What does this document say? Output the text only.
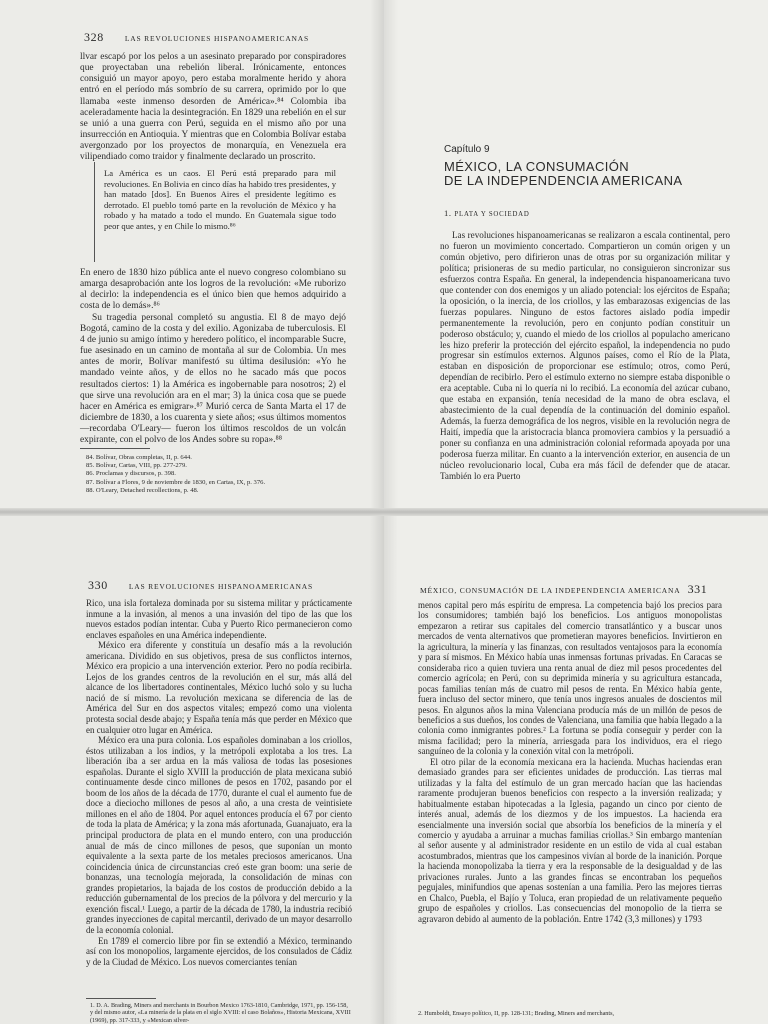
328	LAS REVOLUCIONES HISPANOAMERICANAS

llvar escapó por los pelos a un asesinato preparado por conspiradores que proyectaban una rebelión liberal. Irónicamente, entonces consiguió un mayor apoyo, pero estaba moralmente herido y ahora entró en el período más sombrío de su carrera, oprimido por lo que llamaba «este inmenso desorden de América».⁸⁴ Colombia iba aceleradamente hacia la desintegración. En 1829 una rebelión en el sur se unió a una guerra con Perú, seguida en el mismo año por una insurrección en Antioquia. Y mientras que en Colombia Bolívar estaba avergonzado por los proyectos de monarquía, en Venezuela era vilipendiado como traidor y finalmente declarado un proscrito.

La América es un caos. El Perú está preparado para mil revoluciones. En Bolivia en cinco días ha habido tres presidentes, y han matado [dos]. En Buenos Aires el presidente legítimo es derrotado. El pueblo tomó parte en la revolución de México y ha robado y ha matado a todo el mundo. En Guatemala sigue todo peor que antes, y en Chile lo mismo.⁸⁶

En enero de 1830 hizo pública ante el nuevo congreso colombiano su amarga desaprobación ante los logros de la revolución: «Me ruborizo al decirlo: la independencia es el único bien que hemos adquirido a costa de lo demás».⁸⁶

Su tragedia personal completó su angustia. El 8 de mayo dejó Bogotá, camino de la costa y del exilio. Agonizaba de tuberculosis. El 4 de junio su amigo íntimo y heredero político, el incomparable Sucre, fue asesinado en un camino de montaña al sur de Colombia. Un mes antes de morir, Bolívar manifestó su última desilusión: «Yo he mandado veinte años, y de ellos no he sacado más que pocos resultados ciertos: 1) la América es ingobernable para nosotros; 2) el que sirve una revolución ara en el mar; 3) la única cosa que se puede hacer en América es emigrar».⁸⁷ Murió cerca de Santa Marta el 17 de diciembre de 1830, a los cuarenta y siete años; «sus últimos momentos —recordaba O'Leary— fueron los últimos rescoldos de un volcán expirante, con el polvo de los Andes sobre su ropa».⁸⁸

84. Bolívar, Obras completas, II, p. 644.
85. Bolívar, Cartas, VIII, pp. 277-279.
86. Proclamas y discursos, p. 398.
87. Bolívar a Flores, 9 de noviembre de 1830, en Cartas, IX, p. 376.
88. O'Leary, Detached recollections, p. 48.
Capítulo 9
MÉXICO, LA CONSUMACIÓN
DE LA INDEPENDENCIA AMERICANA
1. PLATA Y SOCIEDAD

Las revoluciones hispanoamericanas se realizaron a escala continental, pero no fueron un movimiento concertado. Compartieron un común origen y un común objetivo, pero difirieron unas de otras por su organización militar y política; prisioneras de su medio particular, no consiguieron sincronizar sus esfuerzos contra España. En general, la independencia hispanoamericana tuvo que contender con dos enemigos y un aliado potencial: los ejércitos de España; la oposición, o la inercia, de los criollos, y las embarazosas exigencias de las fuerzas populares. Ninguno de estos factores aislado podía impedir permanentemente la revolución, pero en conjunto podían constituir un poderoso obstáculo; y, cuando el miedo de los criollos al populacho americano les hizo preferir la protección del ejército español, la independencia no pudo progresar sin estímulos externos. Algunos países, como el Río de la Plata, estaban en disposición de proporcionar ese estímulo; otros, como Perú, dependían de recibirlo. Pero el estímulo externo no siempre estaba disponible o era aceptable. Cuba ni lo quería ni lo recibió. La economía del azúcar cubano, que estaba en expansión, tenía necesidad de la mano de obra esclava, el abastecimiento de la cual dependía de la continuación del dominio español. Además, la fuerza demográfica de los negros, visible en la revolución negra de Haití, impedía que la aristocracia blanca promoviera cambios y la persuadió a poner su confianza en una administración colonial reformada apoyada por una poderosa fuerza militar. En cuanto a la intervención exterior, en ausencia de un núcleo revolucionario local, Cuba era más fácil de defender que de atacar. También lo era Puerto

330	LAS REVOLUCIONES HISPANOAMERICANAS

Rico, una isla fortaleza dominada por su sistema militar y prácticamente inmune a la invasión, al menos a una invasión del tipo de las que los nuevos estados podían intentar. Cuba y Puerto Rico permanecieron como enclaves españoles en una América independiente.

México era diferente y constituía un desafío más a la revolución americana. Dividido en sus objetivos, presa de sus conflictos internos, México era propicio a una intervención exterior. Pero no podía recibirla. Lejos de los grandes centros de la revolución en el sur, más allá del alcance de los libertadores continentales, México luchó solo y su lucha nació de sí mismo. La revolución mexicana se diferencia de las de América del Sur en dos aspectos vitales; empezó como una violenta protesta social desde abajo; y España tenía más que perder en México que en cualquier otro lugar en América.

México era una pura colonia. Los españoles dominaban a los criollos, éstos utilizaban a los indios, y la metrópoli explotaba a los tres. La liberación iba a ser ardua en la más valiosa de todas las posesiones españolas. Durante el siglo XVIII la producción de plata mexicana subió continuamente desde cinco millones de pesos en 1702, pasando por el boom de los años de la década de 1770, durante el cual el aumento fue de doce a dieciocho millones de pesos al año, a una cresta de veintisiete millones en el año de 1804. Por aquel entonces producía el 67 por ciento de toda la plata de América; y la zona más afortunada, Guanajuato, era la principal productora de plata en el mundo entero, con una producción anual de más de cinco millones de pesos, que suponían un monto equivalente a la sexta parte de los metales preciosos americanos. Una coincidencia única de circunstancias creó este gran boom: una serie de bonanzas, una tecnología mejorada, la consolidación de minas con grandes propietarios, la bajada de los costos de producción debido a la reducción gubernamental de los precios de la pólvora y del mercurio y la exención fiscal.¹ Luego, a partir de la década de 1780, la industria recibió grandes inyecciones de capital mercantil, derivado de un mayor desarrollo de la economía colonial.

En 1789 el comercio libre por fin se extendió a México, terminando así con los monopolios, largamente ejercidos, de los consulados de Cádiz y de la Ciudad de México. Los nuevos comerciantes tenían

1. D. A. Brading, Miners and merchants in Bourbon Mexico 1763-1810, Cambridge, 1971, pp. 156-158, y del mismo autor, «La minería de la plata en el siglo XVIII: el caso Bolaños», Historia Mexicana, XVIII (1969), pp. 317-333, y «Mexican silver-
MÉXICO, CONSUMACIÓN DE LA INDEPENDENCIA AMERICANA 331

menos capital pero más espíritu de empresa. La competencia bajó los precios para los consumidores; también bajó los beneficios. Los antiguos monopolistas empezaron a retirar sus capitales del comercio transatlántico y a buscar unos mercados de venta alternativos que prometieran mayores beneficios. Invirtieron en la agricultura, la minería y las finanzas, con resultados ventajosos para la economía y para sí mismos. En México había unas inmensas fortunas privadas. En Caracas se consideraba rico a quien tuviera una renta anual de diez mil pesos procedentes del comercio agrícola; en Perú, con su deprimida minería y su agricultura estancada, pocas familias tenían más de cuatro mil pesos de renta. En México había gente, fuera incluso del sector minero, que tenía unos ingresos anuales de doscientos mil pesos. En algunos años la mina Valenciana producía más de un millón de pesos de beneficios a sus dueños, los condes de Valenciana, una familia que había llegado a la colonia como inmigrantes pobres.² La fortuna se podía conseguir y perder con la misma facilidad; pero la minería, arriesgada para los individuos, era el riego sanguíneo de la colonia y la conexión vital con la metrópoli.

El otro pilar de la economía mexicana era la hacienda. Muchas haciendas eran demasiado grandes para ser eficientes unidades de producción. Las tierras mal utilizadas y la falta del estímulo de un gran mercado hacían que las haciendas raramente produjeran buenos beneficios con respecto a la inversión realizada; y habitualmente estaban hipotecadas a la Iglesia, pagando un cinco por ciento de interés anual, además de los diezmos y de los impuestos. La hacienda era esencialmente una inversión social que absorbía los beneficios de la minería y el comercio y ayudaba a arruinar a muchas familias criollas.³ Sin embargo mantenían al señor ausente y al administrador residente en un estilo de vida al cual estaban acostumbrados, mientras que los campesinos vivían al borde de la inanición. Porque la hacienda monopolizaba la tierra y era la responsable de la desigualdad y de las privaciones rurales. Junto a las grandes fincas se encontraban los pequeños pegujales, minifundios que apenas sostenían a una familia. Pero las mejores tierras en Chalco, Puebla, el Bajío y Toluca, eran propiedad de un relativamente pequeño grupo de españoles y criollos. Las consecuencias del monopolio de la tierra se agravaron debido al aumento de la población. Entre 1742 (3,3 millones) y 1793

2. Humboldt, Ensayo político, II, pp. 128-131; Brading, Miners and merchants,
